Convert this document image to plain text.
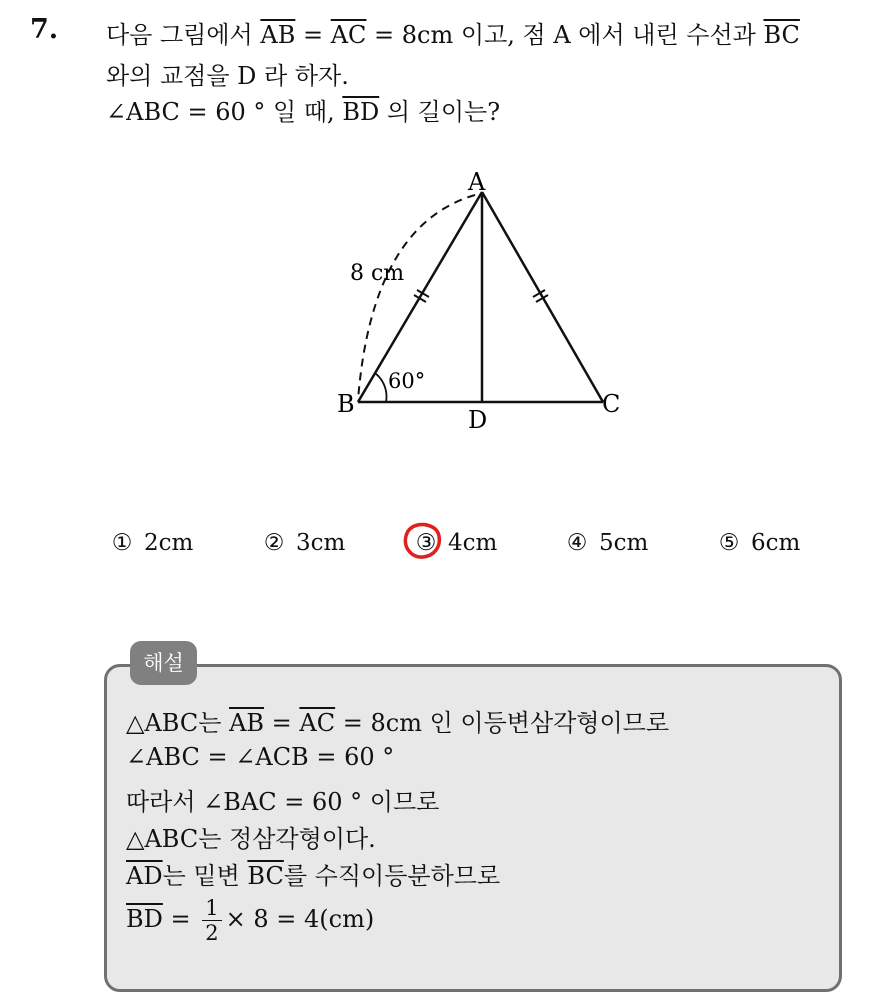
7. 다음 그림에서 $\overline{AB} = \overline{AC} = 8cm$ 이고, 점 A 에서 내린 수선과 $\overline{BC}$
와의 교점을 D 라 하자.
∠ABC = 60 ° 일 때, $\overline{BD}$ 의 길이는?
A
B	C
D
8 cm
60°
① 2cm	② 3cm	③ 4cm	④ 5cm	⑤ 6cm
해설
△ABC는 $\overline{AB} = \overline{AC} = 8cm$ 인 이등변삼각형이므로
∠ABC = ∠ACB = 60 °
따라서 ∠BAC = 60 ° 이므로
△ABC는 정삼각형이다.
$\overline{AD}$는 밑변 $\overline{BC}$를 수직이등분하므로
$\overline{BD} = \frac{1}{2} \times 8 = 4(cm)$
